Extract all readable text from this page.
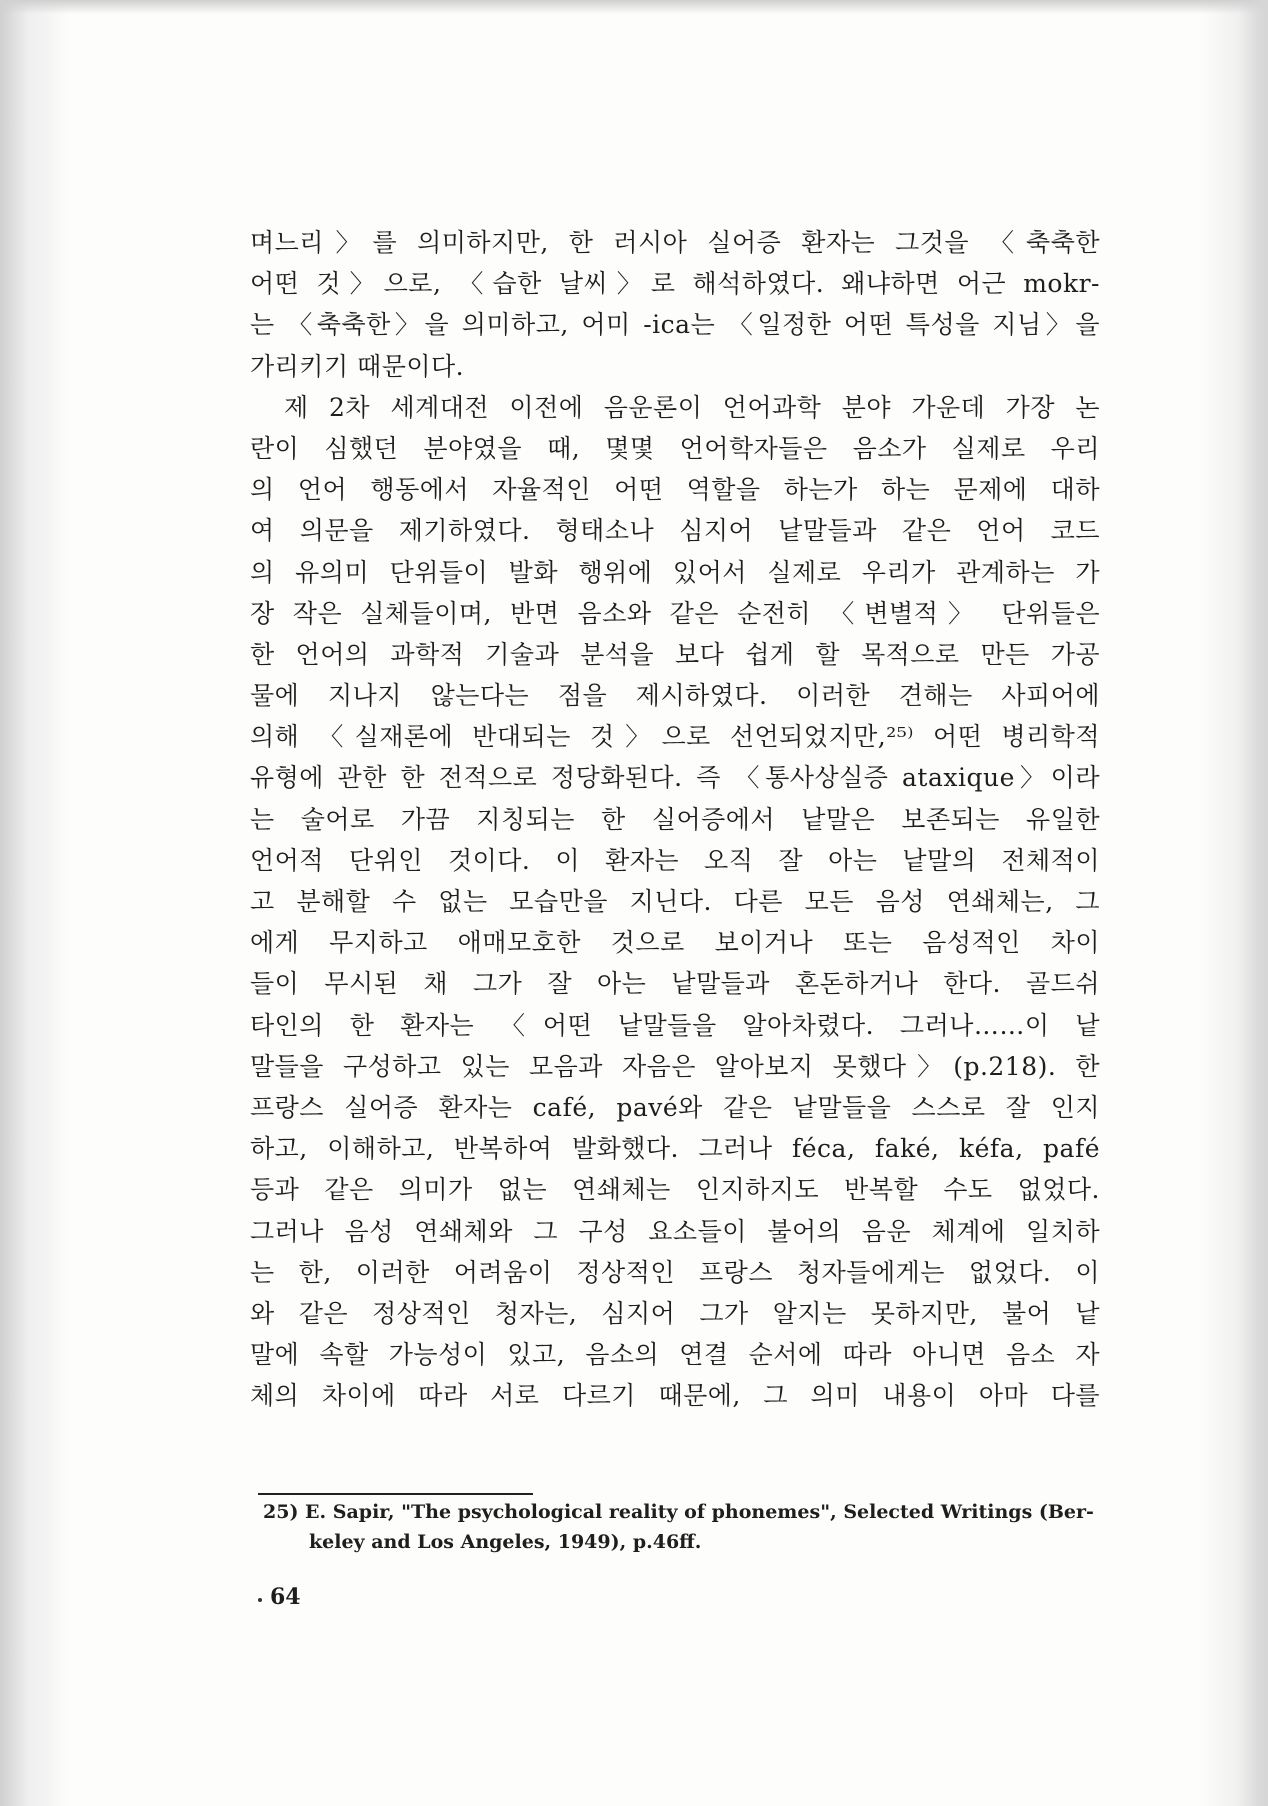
며느리〉를 의미하지만, 한 러시아 실어증 환자는 그것을 〈축축한
어떤 것〉으로, 〈습한 날씨〉로 해석하였다. 왜냐하면 어근 mokr-
는 〈축축한〉을 의미하고, 어미 -ica는 〈일정한 어떤 특성을 지님〉을
가리키기 때문이다.
제 2차 세계대전 이전에 음운론이 언어과학 분야 가운데 가장 논
란이 심했던 분야였을 때, 몇몇 언어학자들은 음소가 실제로 우리
의 언어 행동에서 자율적인 어떤 역할을 하는가 하는 문제에 대하
여 의문을 제기하였다. 형태소나 심지어 낱말들과 같은 언어 코드
의 유의미 단위들이 발화 행위에 있어서 실제로 우리가 관계하는 가
장 작은 실체들이며, 반면 음소와 같은 순전히 〈변별적〉 단위들은
한 언어의 과학적 기술과 분석을 보다 쉽게 할 목적으로 만든 가공
물에 지나지 않는다는 점을 제시하였다. 이러한 견해는 사피어에
의해 〈실재론에 반대되는 것〉으로 선언되었지만,²⁵⁾ 어떤 병리학적
유형에 관한 한 전적으로 정당화된다. 즉 〈통사상실증 ataxique〉이라
는 술어로 가끔 지칭되는 한 실어증에서 낱말은 보존되는 유일한
언어적 단위인 것이다. 이 환자는 오직 잘 아는 낱말의 전체적이
고 분해할 수 없는 모습만을 지닌다. 다른 모든 음성 연쇄체는, 그
에게 무지하고 애매모호한 것으로 보이거나 또는 음성적인 차이
들이 무시된 채 그가 잘 아는 낱말들과 혼돈하거나 한다. 골드쉬
타인의 한 환자는 〈어떤 낱말들을 알아차렸다. 그러나……이 낱
말들을 구성하고 있는 모음과 자음은 알아보지 못했다〉(p.218). 한
프랑스 실어증 환자는 café, pavé와 같은 낱말들을 스스로 잘 인지
하고, 이해하고, 반복하여 발화했다. 그러나 féca, faké, kéfa, pafé
등과 같은 의미가 없는 연쇄체는 인지하지도 반복할 수도 없었다.
그러나 음성 연쇄체와 그 구성 요소들이 불어의 음운 체계에 일치하
는 한, 이러한 어려움이 정상적인 프랑스 청자들에게는 없었다. 이
와 같은 정상적인 청자는, 심지어 그가 알지는 못하지만, 불어 낱
말에 속할 가능성이 있고, 음소의 연결 순서에 따라 아니면 음소 자
체의 차이에 따라 서로 다르기 때문에, 그 의미 내용이 아마 다를
25) E. Sapir, "The psychological reality of phonemes", Selected Writings (Ber-
keley and Los Angeles, 1949), p.46ff.
64
